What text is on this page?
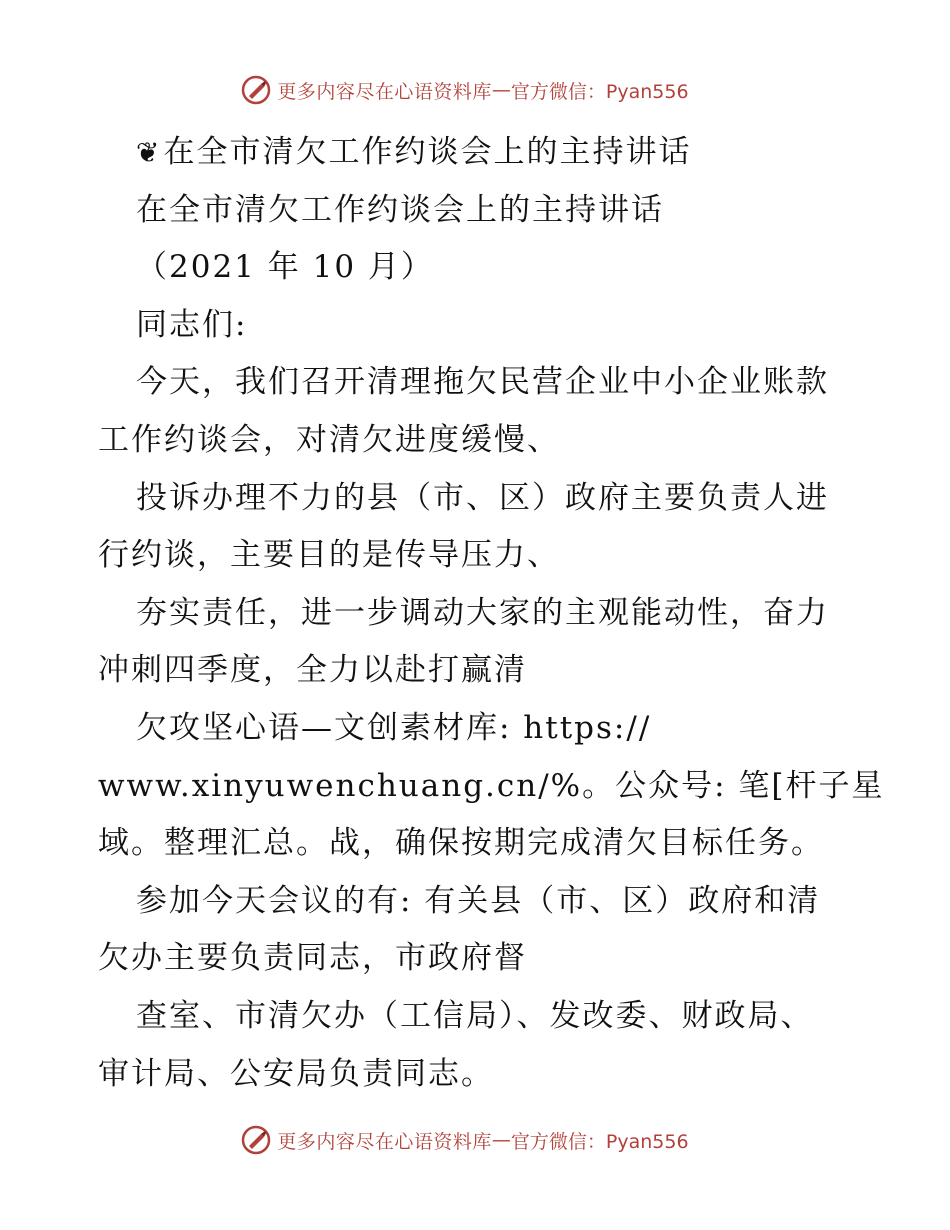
更多内容尽在心语资料库 — 官方微信：Pyan556
❦在全市清欠工作约谈会上的主持讲话
在全市清欠工作约谈会上的主持讲话
（2021 年 10 月）
同志们:
今天，我们召开清理拖欠民营企业中小企业账款
工作约谈会，对清欠进度缓慢、
投诉办理不力的县（市、区）政府主要负责人进
行约谈，主要目的是传导压力、
夯实责任，进一步调动大家的主观能动性，奋力
冲刺四季度，全力以赴打赢清
欠攻坚心语—文创素材库: https://
www.xinyuwenchuang.cn/%。公众号: 笔[杆子星
域。整理汇总。战，确保按期完成清欠目标任务。
参加今天会议的有: 有关县（市、区）政府和清
欠办主要负责同志，市政府督
查室、市清欠办（工信局）、发改委、财政局、
审计局、公安局负责同志。
更多内容尽在心语资料库 — 官方微信：Pyan556
